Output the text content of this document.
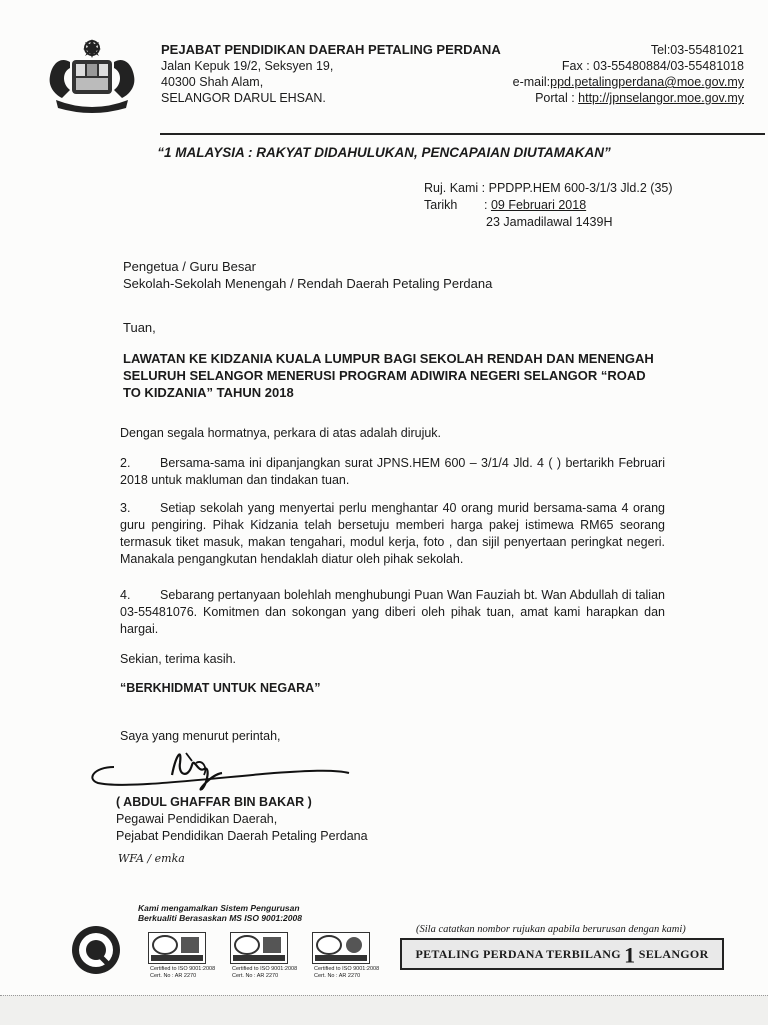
PEJABAT PENDIDIKAN DAERAH PETALING PERDANA
Jalan Kepuk 19/2, Seksyen 19,
40300 Shah Alam,
SELANGOR DARUL EHSAN.
Tel:03-55481021
Fax : 03-55480884/03-55481018
e-mail:ppd.petalingperdana@moe.gov.my
Portal : http://jpnselangor.moe.gov.my
“1 MALAYSIA : RAKYAT DIDAHULUKAN, PENCAPAIAN DIUTAMAKAN”
Ruj. Kami : PPDPP.HEM 600-3/1/3 Jld.2 (35)
Tarikh : 09 Februari 2018
23 Jamadilawal 1439H
Pengetua / Guru Besar
Sekolah-Sekolah Menengah / Rendah Daerah Petaling Perdana
Tuan,
LAWATAN KE KIDZANIA KUALA LUMPUR BAGI SEKOLAH RENDAH DAN MENENGAH SELURUH SELANGOR MENERUSI PROGRAM ADIWIRA NEGERI SELANGOR “ROAD TO KIDZANIA” TAHUN 2018
Dengan segala hormatnya, perkara di atas adalah dirujuk.
2. Bersama-sama ini dipanjangkan surat JPNS.HEM 600 – 3/1/4 Jld. 4 ( ) bertarikh Februari 2018 untuk makluman dan tindakan tuan.
3. Setiap sekolah yang menyertai perlu menghantar 40 orang murid bersama-sama 4 orang guru pengiring. Pihak Kidzania telah bersetuju memberi harga pakej istimewa RM65 seorang termasuk tiket masuk, makan tengahari, modul kerja, foto , dan sijil penyertaan peringkat negeri. Manakala pengangkutan hendaklah diatur oleh pihak sekolah.
4. Sebarang pertanyaan bolehlah menghubungi Puan Wan Fauziah bt. Wan Abdullah di talian 03-55481076. Komitmen dan sokongan yang diberi oleh pihak tuan, amat kami harapkan dan hargai.
Sekian, terima kasih.
“BERKHIDMAT UNTUK NEGARA”
Saya yang menurut perintah,
( ABDUL GHAFFAR BIN BAKAR )
Pegawai Pendidikan Daerah,
Pejabat Pendidikan Daerah Petaling Perdana
WFA / emka
Kami mengamalkan Sistem Pengurusan
Berkualiti Berasaskan MS ISO 9001:2008
Certified to ISO 9001:2008
Cert. No : AR 2270
Certified to ISO 9001:2008
Cert. No : AR 2270
Certified to ISO 9001:2008
Cert. No : AR 2270
(Sila catatkan nombor rujukan apabila berurusan dengan kami)
PETALING PERDANA TERBILANG 1 SELANGOR
